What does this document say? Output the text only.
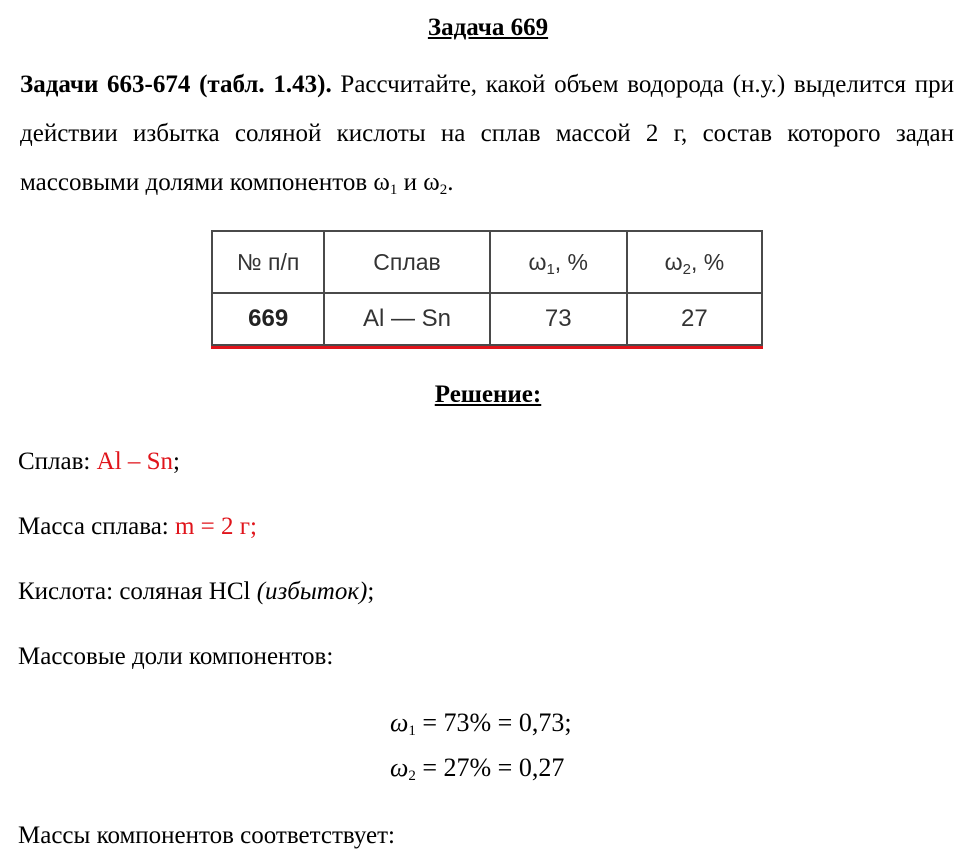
Задача 669
Задачи 663-674 (табл. 1.43). Рассчитайте, какой объем водорода (н.у.) выделится при действии избытка соляной кислоты на сплав массой 2 г, состав которого задан массовыми долями компонентов $\omega_1$ и $\omega_2$.
№ п/п	Сплав	$\omega_1$, %	$\omega_2$, %
669	Al — Sn	73	27
Решение:
Сплав: Al – Sn;
Масса сплава: m = 2 г;
Кислота: соляная HCl (избыток);
Массовые доли компонентов:
$\omega_1 = 73\% = 0,73$;
$\omega_2 = 27\% = 0,27$
Массы компонентов соответствует:
